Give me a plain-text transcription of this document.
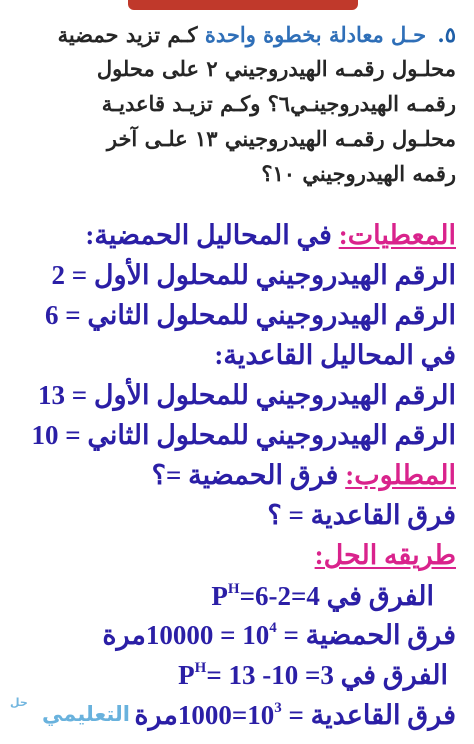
٥. حـل معادلة بخطوة واحدة كـم تزيد حمضية
محلـول رقمـه الهيدروجيني ٢ على محلول
رقمـه الهيدروجينـي٦؟ وكـم تزيـد قاعديـة
محلـول رقمـه الهيدروجيني ١٣ علـى آخر
رقمه الهيدروجيني ١٠؟
المعطيات: في المحاليل الحمضية:
الرقم الهيدروجيني للمحلول الأول = 2
الرقم الهيدروجيني للمحلول الثاني = 6
في المحاليل القاعدية:
الرقم الهيدروجيني للمحلول الأول = 13
الرقم الهيدروجيني للمحلول الثاني = 10
المطلوب: فرق الحمضية =؟
فرق القاعدية = ؟
طريقه الحل:
الفرق في $P^H=6-2=4$
فرق الحمضية = $10^4$ = 10000مرة
الفرق في $P^H= 13$ -10 =3
فرق القاعدية = $10^3=1000مرة$
حل التعليمي
